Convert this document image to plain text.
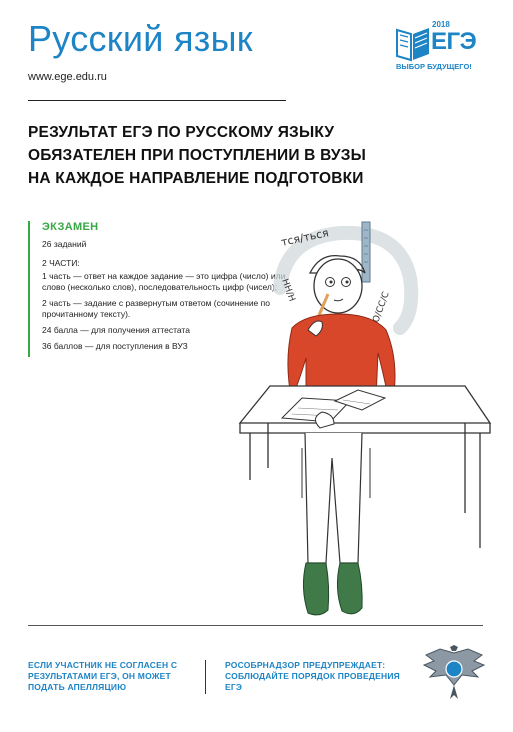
Русский язык
www.ege.edu.ru
2018
ЕГЭ
ВЫБОР БУДУЩЕГО!
РЕЗУЛЬТАТ ЕГЭ ПО РУССКОМУ ЯЗЫКУ
ОБЯЗАТЕЛЕН ПРИ ПОСТУПЛЕНИИ В ВУЗЫ
НА КАЖДОЕ НАПРАВЛЕНИЕ ПОДГОТОВКИ
ЭКЗАМЕН

26 заданий

2 ЧАСТИ:

1 часть — ответ на каждое задание — это цифра (число) или слово (несколько слов), последовательность цифр (чисел);

2 часть — задание с развернутым ответом (сочинение по прочитанному тексту).

24 балла — для получения аттестата

36 баллов — для поступления в ВУЗ

тся/ться
НН/Н
О/СС/С
ЕСЛИ УЧАСТНИК НЕ СОГЛАСЕН С РЕЗУЛЬТАТАМИ ЕГЭ, ОН МОЖЕТ ПОДАТЬ АПЕЛЛЯЦИЮ
РОСОБРНАДЗОР ПРЕДУПРЕЖДАЕТ: СОБЛЮДАЙТЕ ПОРЯДОК ПРОВЕДЕНИЯ ЕГЭ
